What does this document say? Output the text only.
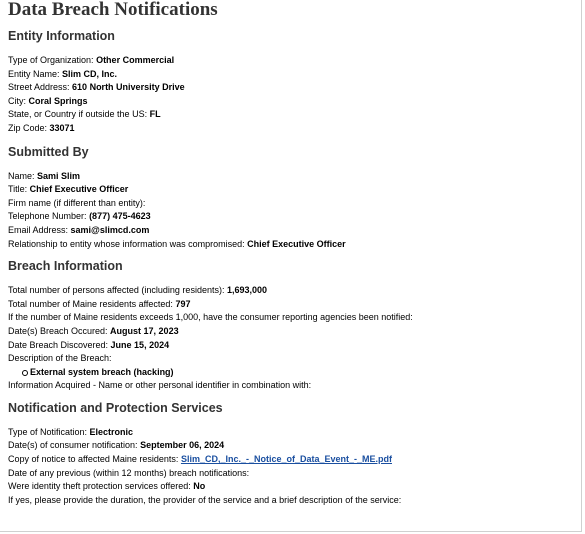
Data Breach Notifications
Entity Information
Type of Organization: Other Commercial
Entity Name: Slim CD, Inc.
Street Address: 610 North University Drive
City: Coral Springs
State, or Country if outside the US: FL
Zip Code: 33071
Submitted By
Name: Sami Slim
Title: Chief Executive Officer
Firm name (if different than entity):
Telephone Number: (877) 475-4623
Email Address: sami@slimcd.com
Relationship to entity whose information was compromised: Chief Executive Officer
Breach Information
Total number of persons affected (including residents): 1,693,000
Total number of Maine residents affected: 797
If the number of Maine residents exceeds 1,000, have the consumer reporting agencies been notified:
Date(s) Breach Occured: August 17, 2023
Date Breach Discovered: June 15, 2024
Description of the Breach:
External system breach (hacking)
Information Acquired - Name or other personal identifier in combination with:
Notification and Protection Services
Type of Notification: Electronic
Date(s) of consumer notification: September 06, 2024
Copy of notice to affected Maine residents: Slim_CD,_Inc._-_Notice_of_Data_Event_-_ME.pdf
Date of any previous (within 12 months) breach notifications:
Were identity theft protection services offered: No
If yes, please provide the duration, the provider of the service and a brief description of the service:
